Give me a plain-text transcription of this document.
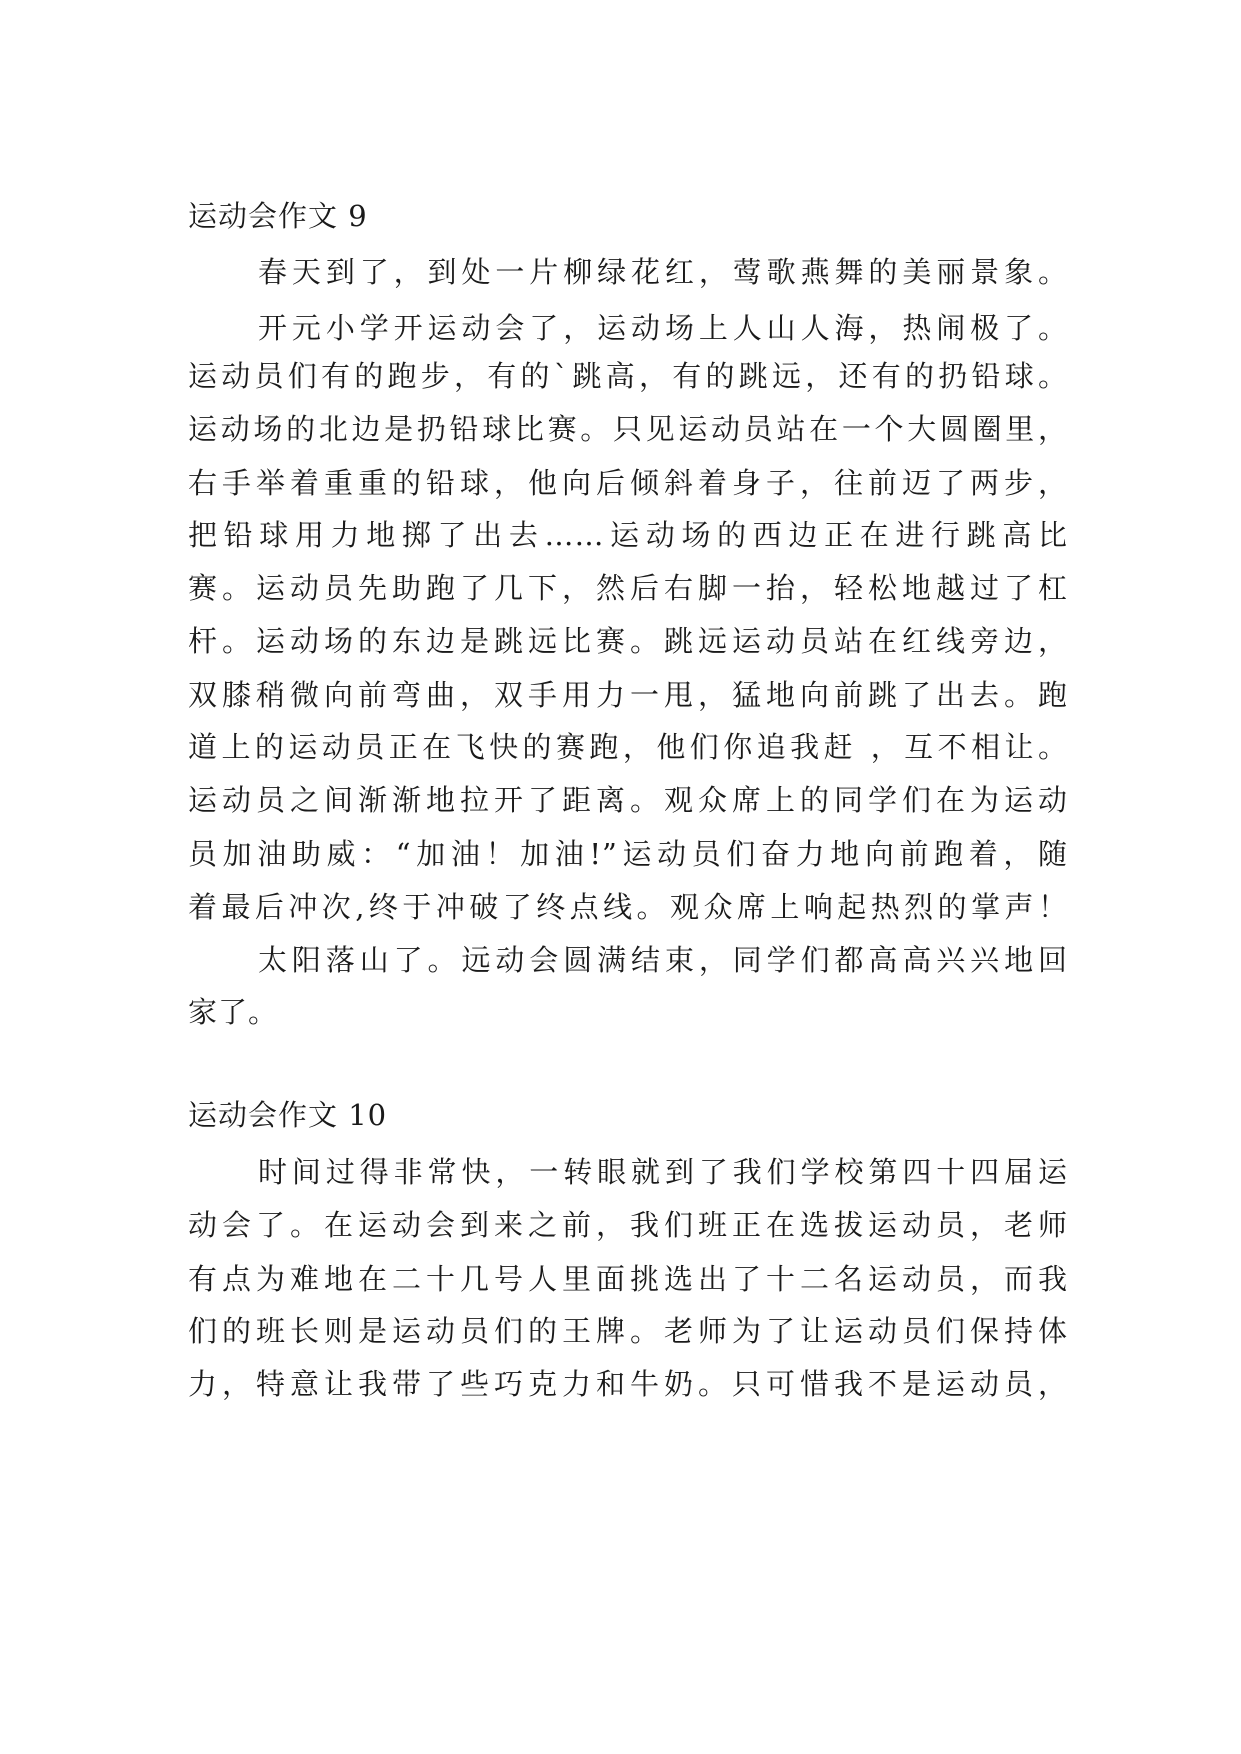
运动会作文 9
春天到了，到处一片柳绿花红，莺歌燕舞的美丽景象。
开元小学开运动会了，运动场上人山人海，热闹极了。
运动员们有的跑步，有的`跳高，有的跳远，还有的扔铅球。
运动场的北边是扔铅球比赛。只见运动员站在一个大圆圈里，
右手举着重重的铅球，他向后倾斜着身子，往前迈了两步，
把铅球用力地掷了出去……运动场的西边正在进行跳高比
赛。运动员先助跑了几下，然后右脚一抬，轻松地越过了杠
杆。运动场的东边是跳远比赛。跳远运动员站在红线旁边，
双膝稍微向前弯曲，双手用力一甩，猛地向前跳了出去。跑
道上的运动员正在飞快的赛跑，他们你追我赶 ，互不相让。
运动员之间渐渐地拉开了距离。观众席上的同学们在为运动
员加油助威：“加油！加油!”运动员们奋力地向前跑着，随
着最后冲次,终于冲破了终点线。观众席上响起热烈的掌声！
太阳落山了。远动会圆满结束，同学们都高高兴兴地回
家了。
运动会作文 10
时间过得非常快，一转眼就到了我们学校第四十四届运
动会了。在运动会到来之前，我们班正在选拔运动员，老师
有点为难地在二十几号人里面挑选出了十二名运动员，而我
们的班长则是运动员们的王牌。老师为了让运动员们保持体
力，特意让我带了些巧克力和牛奶。只可惜我不是运动员，
